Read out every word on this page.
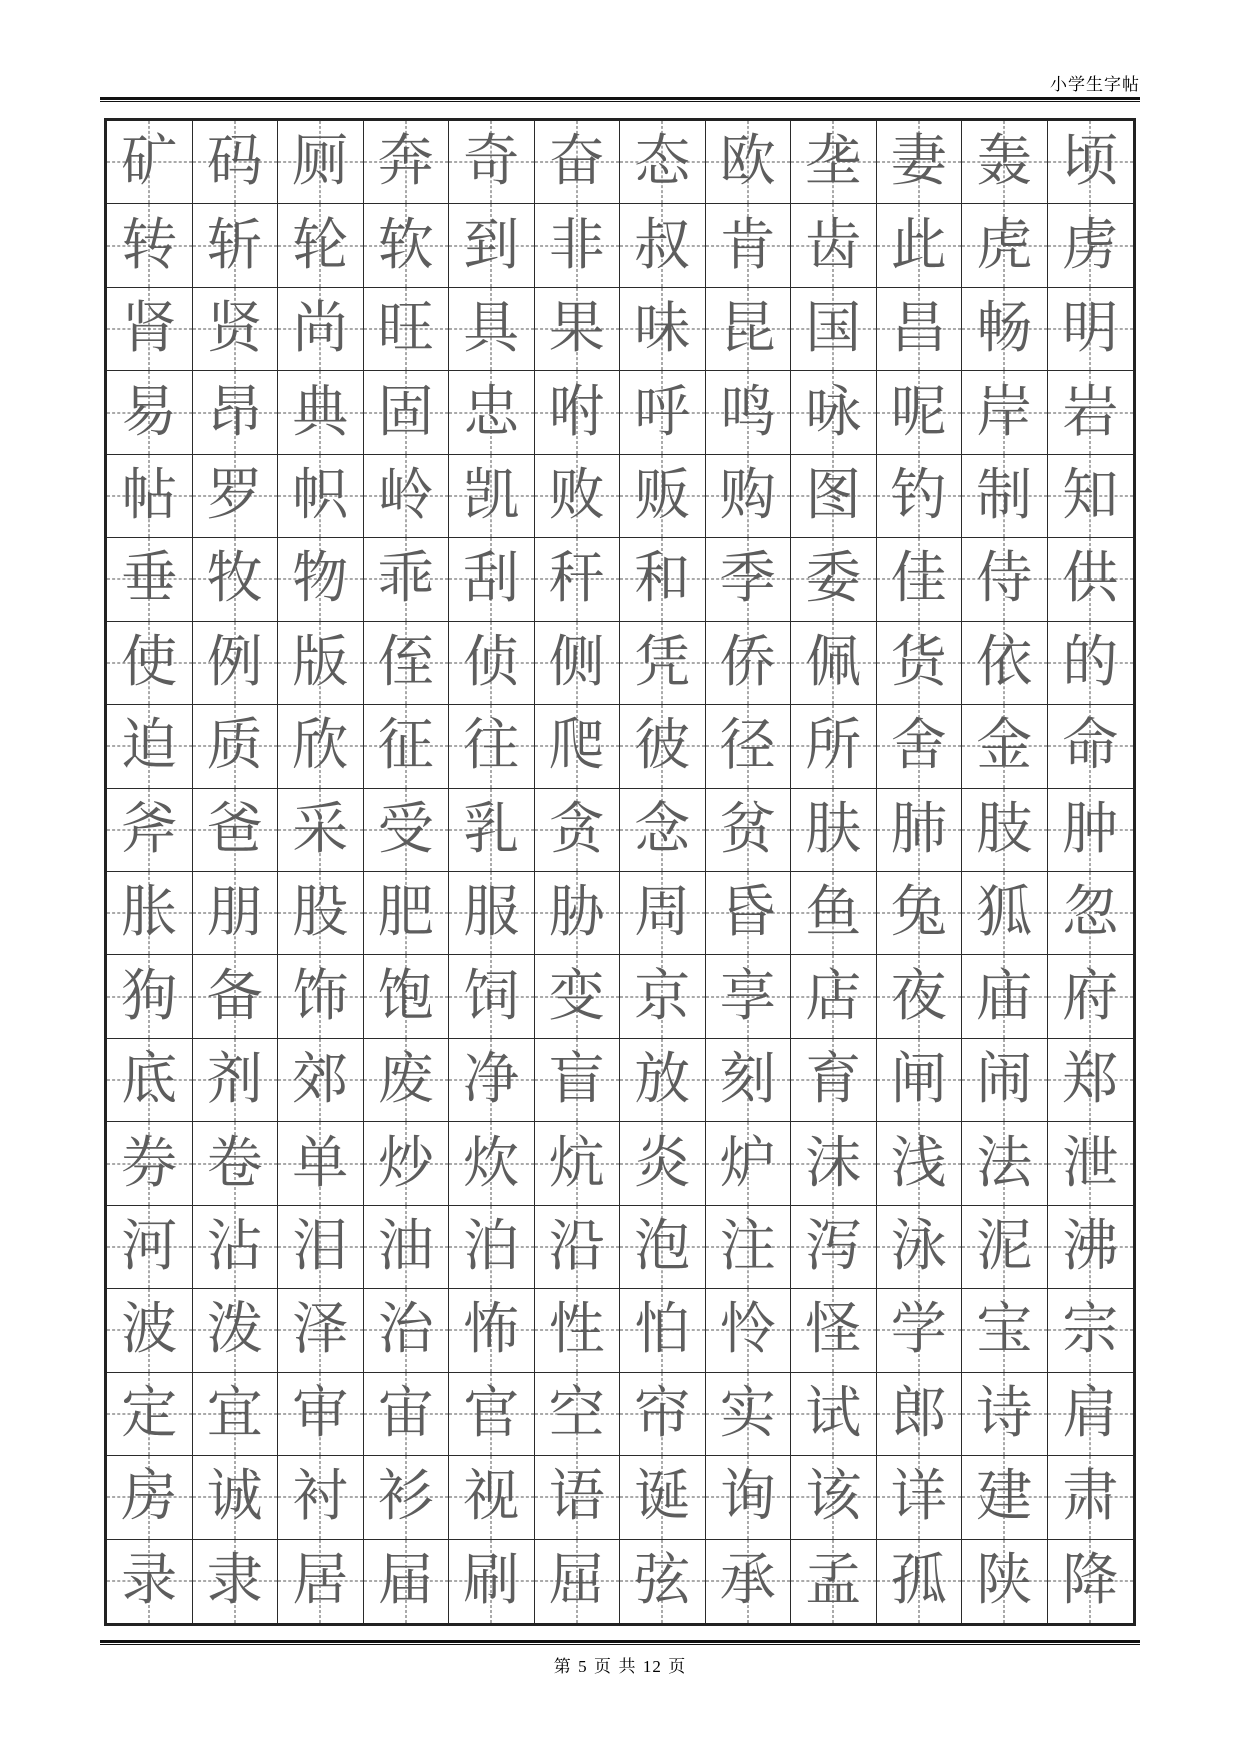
小学生字帖
矿 码 厕 奔 奇 奋 态 欧 垄 妻 轰 顷
转 斩 轮 软 到 非 叔 肯 齿 此 虎 虏
肾 贤 尚 旺 具 果 味 昆 国 昌 畅 明
易 昂 典 固 忠 咐 呼 鸣 咏 呢 岸 岩
帖 罗 帜 岭 凯 败 贩 购 图 钓 制 知
垂 牧 物 乖 刮 秆 和 季 委 佳 侍 供
使 例 版 侄 侦 侧 凭 侨 佩 货 依 的
迫 质 欣 征 往 爬 彼 径 所 舍 金 命
斧 爸 采 受 乳 贪 念 贫 肤 肺 肢 肿
胀 朋 股 肥 服 胁 周 昏 鱼 兔 狐 忽
狗 备 饰 饱 饲 变 京 享 店 夜 庙 府
底 剂 郊 废 净 盲 放 刻 育 闸 闹 郑
券 卷 单 炒 炊 炕 炎 炉 沫 浅 法 泄
河 沾 泪 油 泊 沿 泡 注 泻 泳 泥 沸
波 泼 泽 治 怖 性 怕 怜 怪 学 宝 宗
定 宜 审 宙 官 空 帘 实 试 郎 诗 肩
房 诚 衬 衫 视 语 诞 询 该 详 建 肃
录 隶 居 届 刷 屈 弦 承 孟 孤 陕 降
第 5 页 共 12 页
